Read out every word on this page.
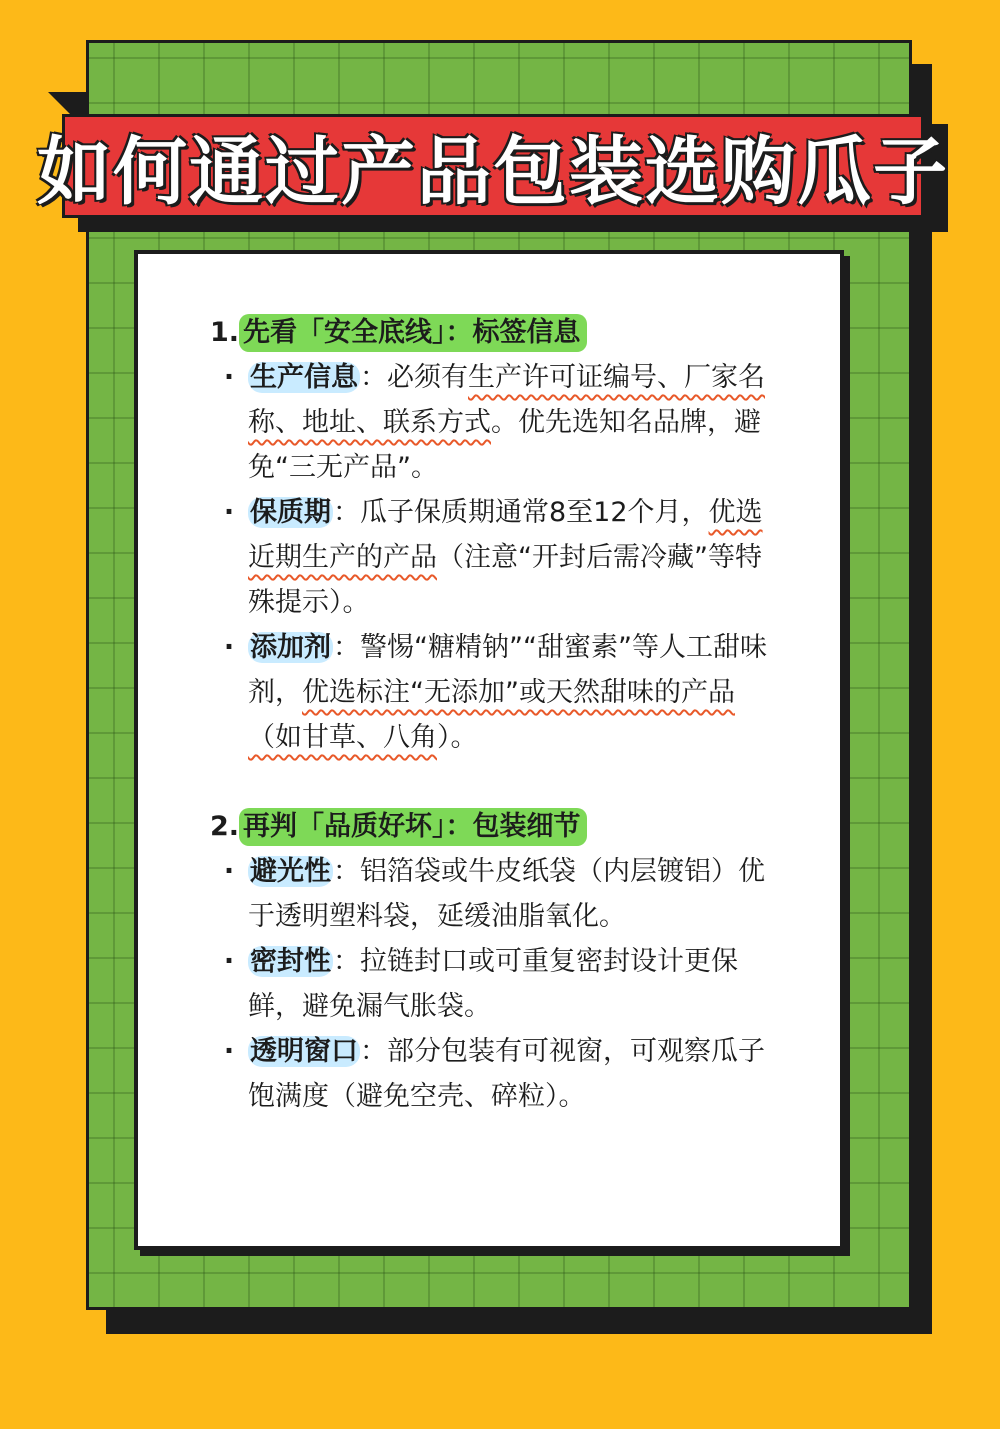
如何通过产品包装选购瓜子
1. 先看「安全底线」：标签信息
· 生产信息：必须有生产许可证编号、厂家名称、地址、联系方式。优先选知名品牌，避免“三无产品”。
· 保质期：瓜子保质期通常8至12个月，优选近期生产的产品（注意“开封后需冷藏”等特殊提示）。
· 添加剂：警惕“糖精钠”“甜蜜素”等人工甜味剂，优选标注“无添加”或天然甜味的产品（如甘草、八角）。
2. 再判「品质好坏」：包装细节
· 避光性：铝箔袋或牛皮纸袋（内层镀铝）优于透明塑料袋，延缓油脂氧化。
· 密封性：拉链封口或可重复密封设计更保鲜，避免漏气胀袋。
· 透明窗口：部分包装有可视窗，可观察瓜子饱满度（避免空壳、碎粒）。
